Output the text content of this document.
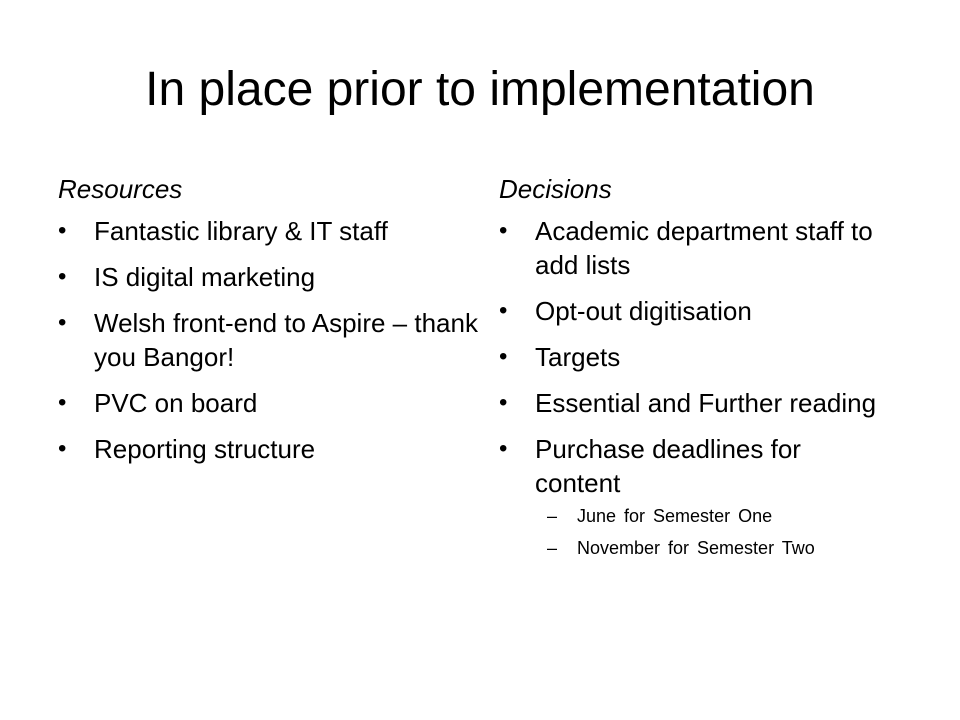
In place prior to implementation
Resources
• Fantastic library & IT staff
• IS digital marketing
• Welsh front-end to Aspire – thank you Bangor!
• PVC on board
• Reporting structure
Decisions
• Academic department staff to add lists
• Opt-out digitisation
• Targets
• Essential and Further reading
• Purchase deadlines for content
– June for Semester One
– November for Semester Two
